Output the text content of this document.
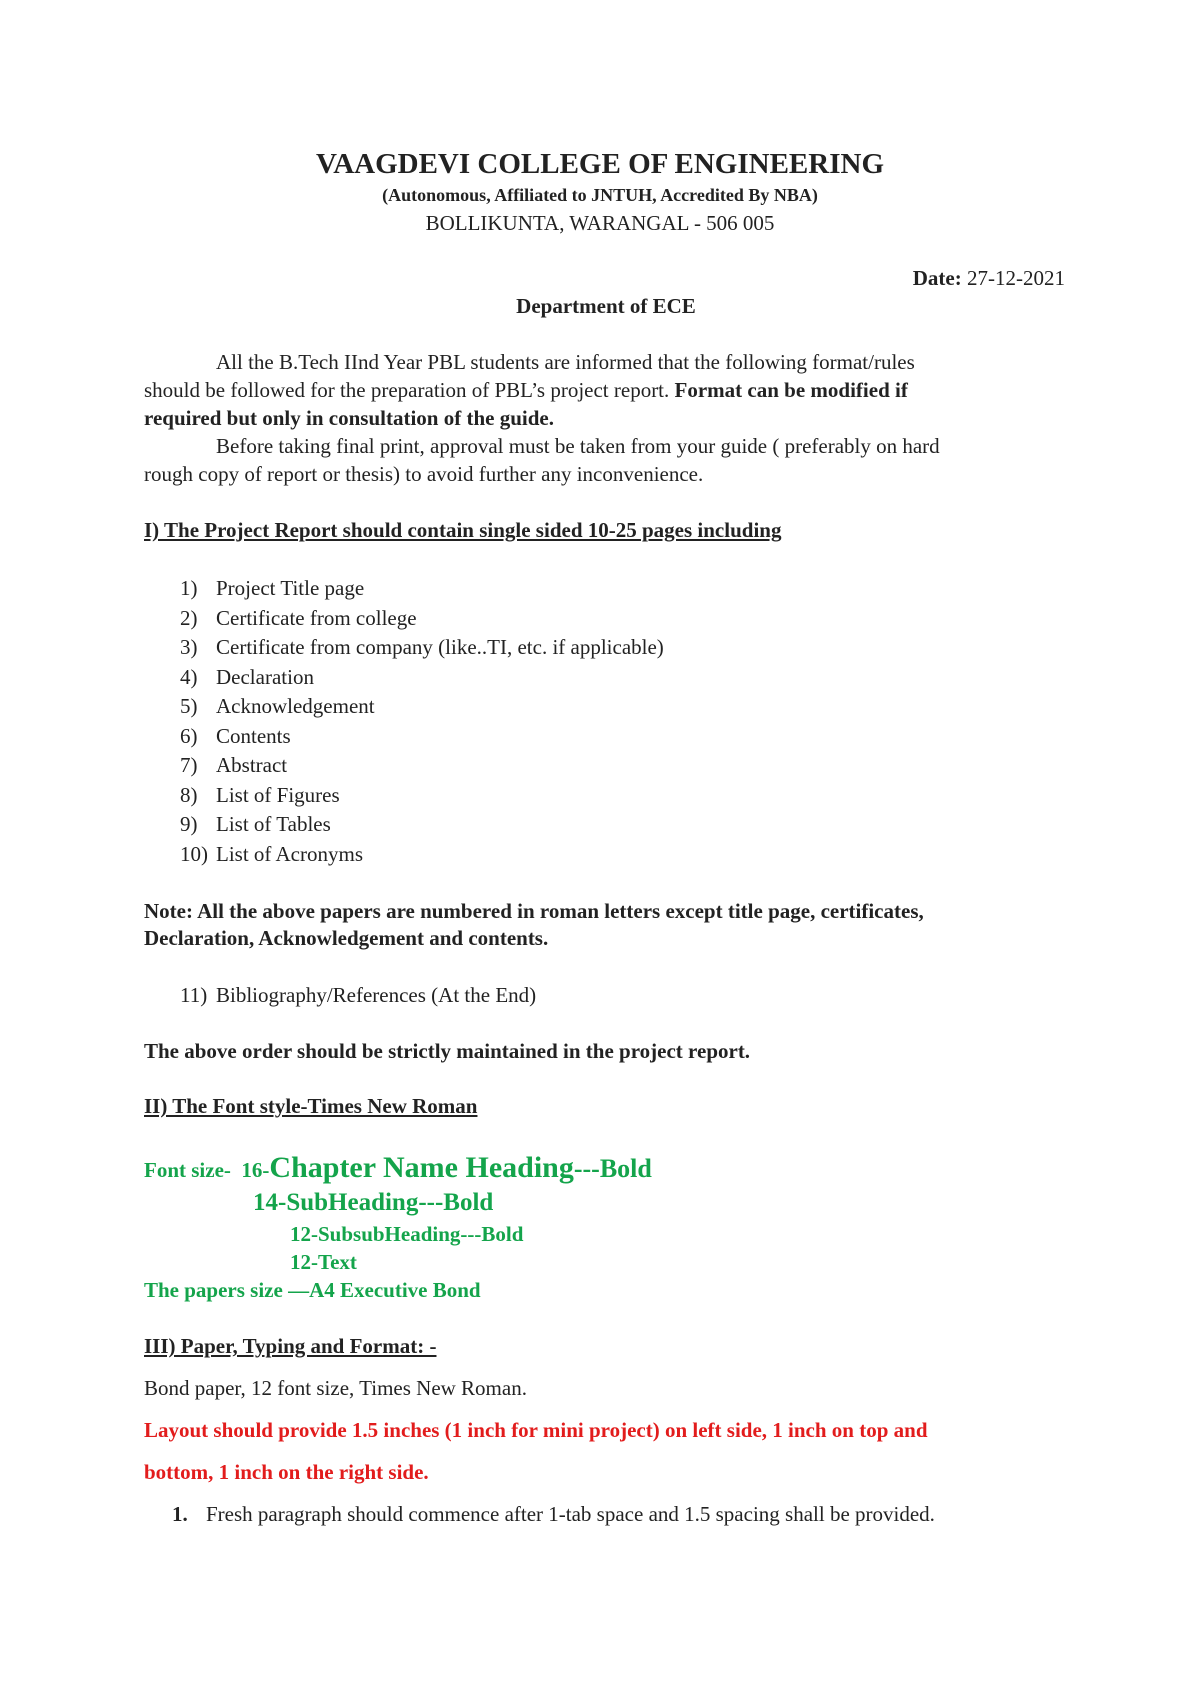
VAAGDEVI COLLEGE OF ENGINEERING
(Autonomous, Affiliated to JNTUH, Accredited By NBA)
BOLLIKUNTA, WARANGAL - 506 005
Date: 27-12-2021
Department of ECE
All the B.Tech IInd Year PBL students are informed that the following format/rules
should be followed for the preparation of PBL’s project report. Format can be modified if
required but only in consultation of the guide.
Before taking final print, approval must be taken from your guide ( preferably on hard
rough copy of report or thesis) to avoid further any inconvenience.
I) The Project Report should contain single sided 10-25 pages including
1) Project Title page
2) Certificate from college
3) Certificate from company (like..TI, etc. if applicable)
4) Declaration
5) Acknowledgement
6) Contents
7) Abstract
8) List of Figures
9) List of Tables
10) List of Acronyms
Note: All the above papers are numbered in roman letters except title page, certificates,
Declaration, Acknowledgement and contents.
11) Bibliography/References (At the End)
The above order should be strictly maintained in the project report.
II) The Font style-Times New Roman
Font size- 16-Chapter Name Heading---Bold
14-SubHeading---Bold
12-SubsubHeading---Bold
12-Text
The papers size —A4 Executive Bond
III) Paper, Typing and Format: -
Bond paper, 12 font size, Times New Roman.
Layout should provide 1.5 inches (1 inch for mini project) on left side, 1 inch on top and
bottom, 1 inch on the right side.
1. Fresh paragraph should commence after 1-tab space and 1.5 spacing shall be provided.
